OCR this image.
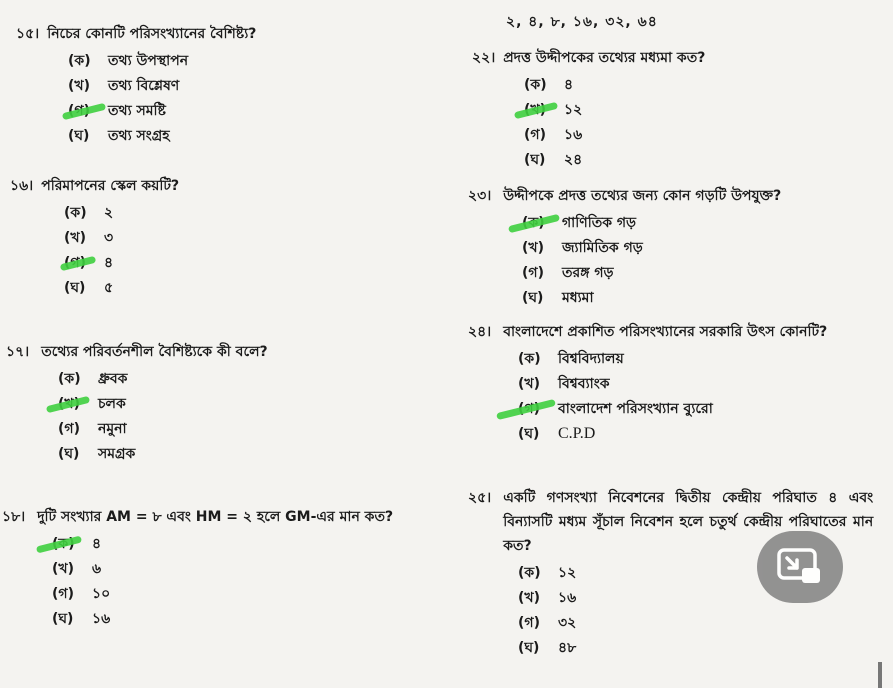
১৫। নিচের কোনটি পরিসংখ্যানের বৈশিষ্ট্য?
(ক)	তথ্য উপস্থাপন
(খ)	তথ্য বিশ্লেষণ
তথ্য সমষ্টি
(ঘ)	তথ্য সংগ্রহ
১৬। পরিমাপনের স্কেল কয়টি?
(ক)	২
(খ)	৩
৪
(ঘ)	৫
১৭। তথ্যের পরিবর্তনশীল বৈশিষ্ট্যকে কী বলে?
(ক)	ধ্রুবক
চলক
(গ)	নমুনা
(ঘ)	সমগ্রক
১৮। দুটি সংখ্যার AM = ৮ এবং HM = ২ হলে GM-এর মান কত?
৪
(খ)	৬
(গ)	১০
(ঘ)	১৬
২, ৪, ৮, ১৬, ৩২, ৬৪
২২। প্রদত্ত উদ্দীপকের তথ্যের মধ্যমা কত?
(ক)	৪
১২
(গ)	১৬
(ঘ)	২৪
২৩। উদ্দীপকে প্রদত্ত তথ্যের জন্য কোন গড়টি উপযুক্ত?
গাণিতিক গড়
(খ)	জ্যামিতিক গড়
(গ)	তরঙ্গ গড়
(ঘ)	মধ্যমা
২৪। বাংলাদেশে প্রকাশিত পরিসংখ্যানের সরকারি উৎস কোনটি?
(ক)	বিশ্ববিদ্যালয়
(খ)	বিশ্বব্যাংক
বাংলাদেশ পরিসংখ্যান ব্যুরো
(ঘ)	C.P.D
২৫। একটি গণসংখ্যা নিবেশনের দ্বিতীয় কেন্দ্রীয় পরিঘাত ৪ এবং বিন্যাসটি মধ্যম সূঁচাল নিবেশন হলে চতুর্থ কেন্দ্রীয় পরিঘাতের মান কত?
(ক)	১২
(খ)	১৬
(গ)	৩২
(ঘ)	৪৮
